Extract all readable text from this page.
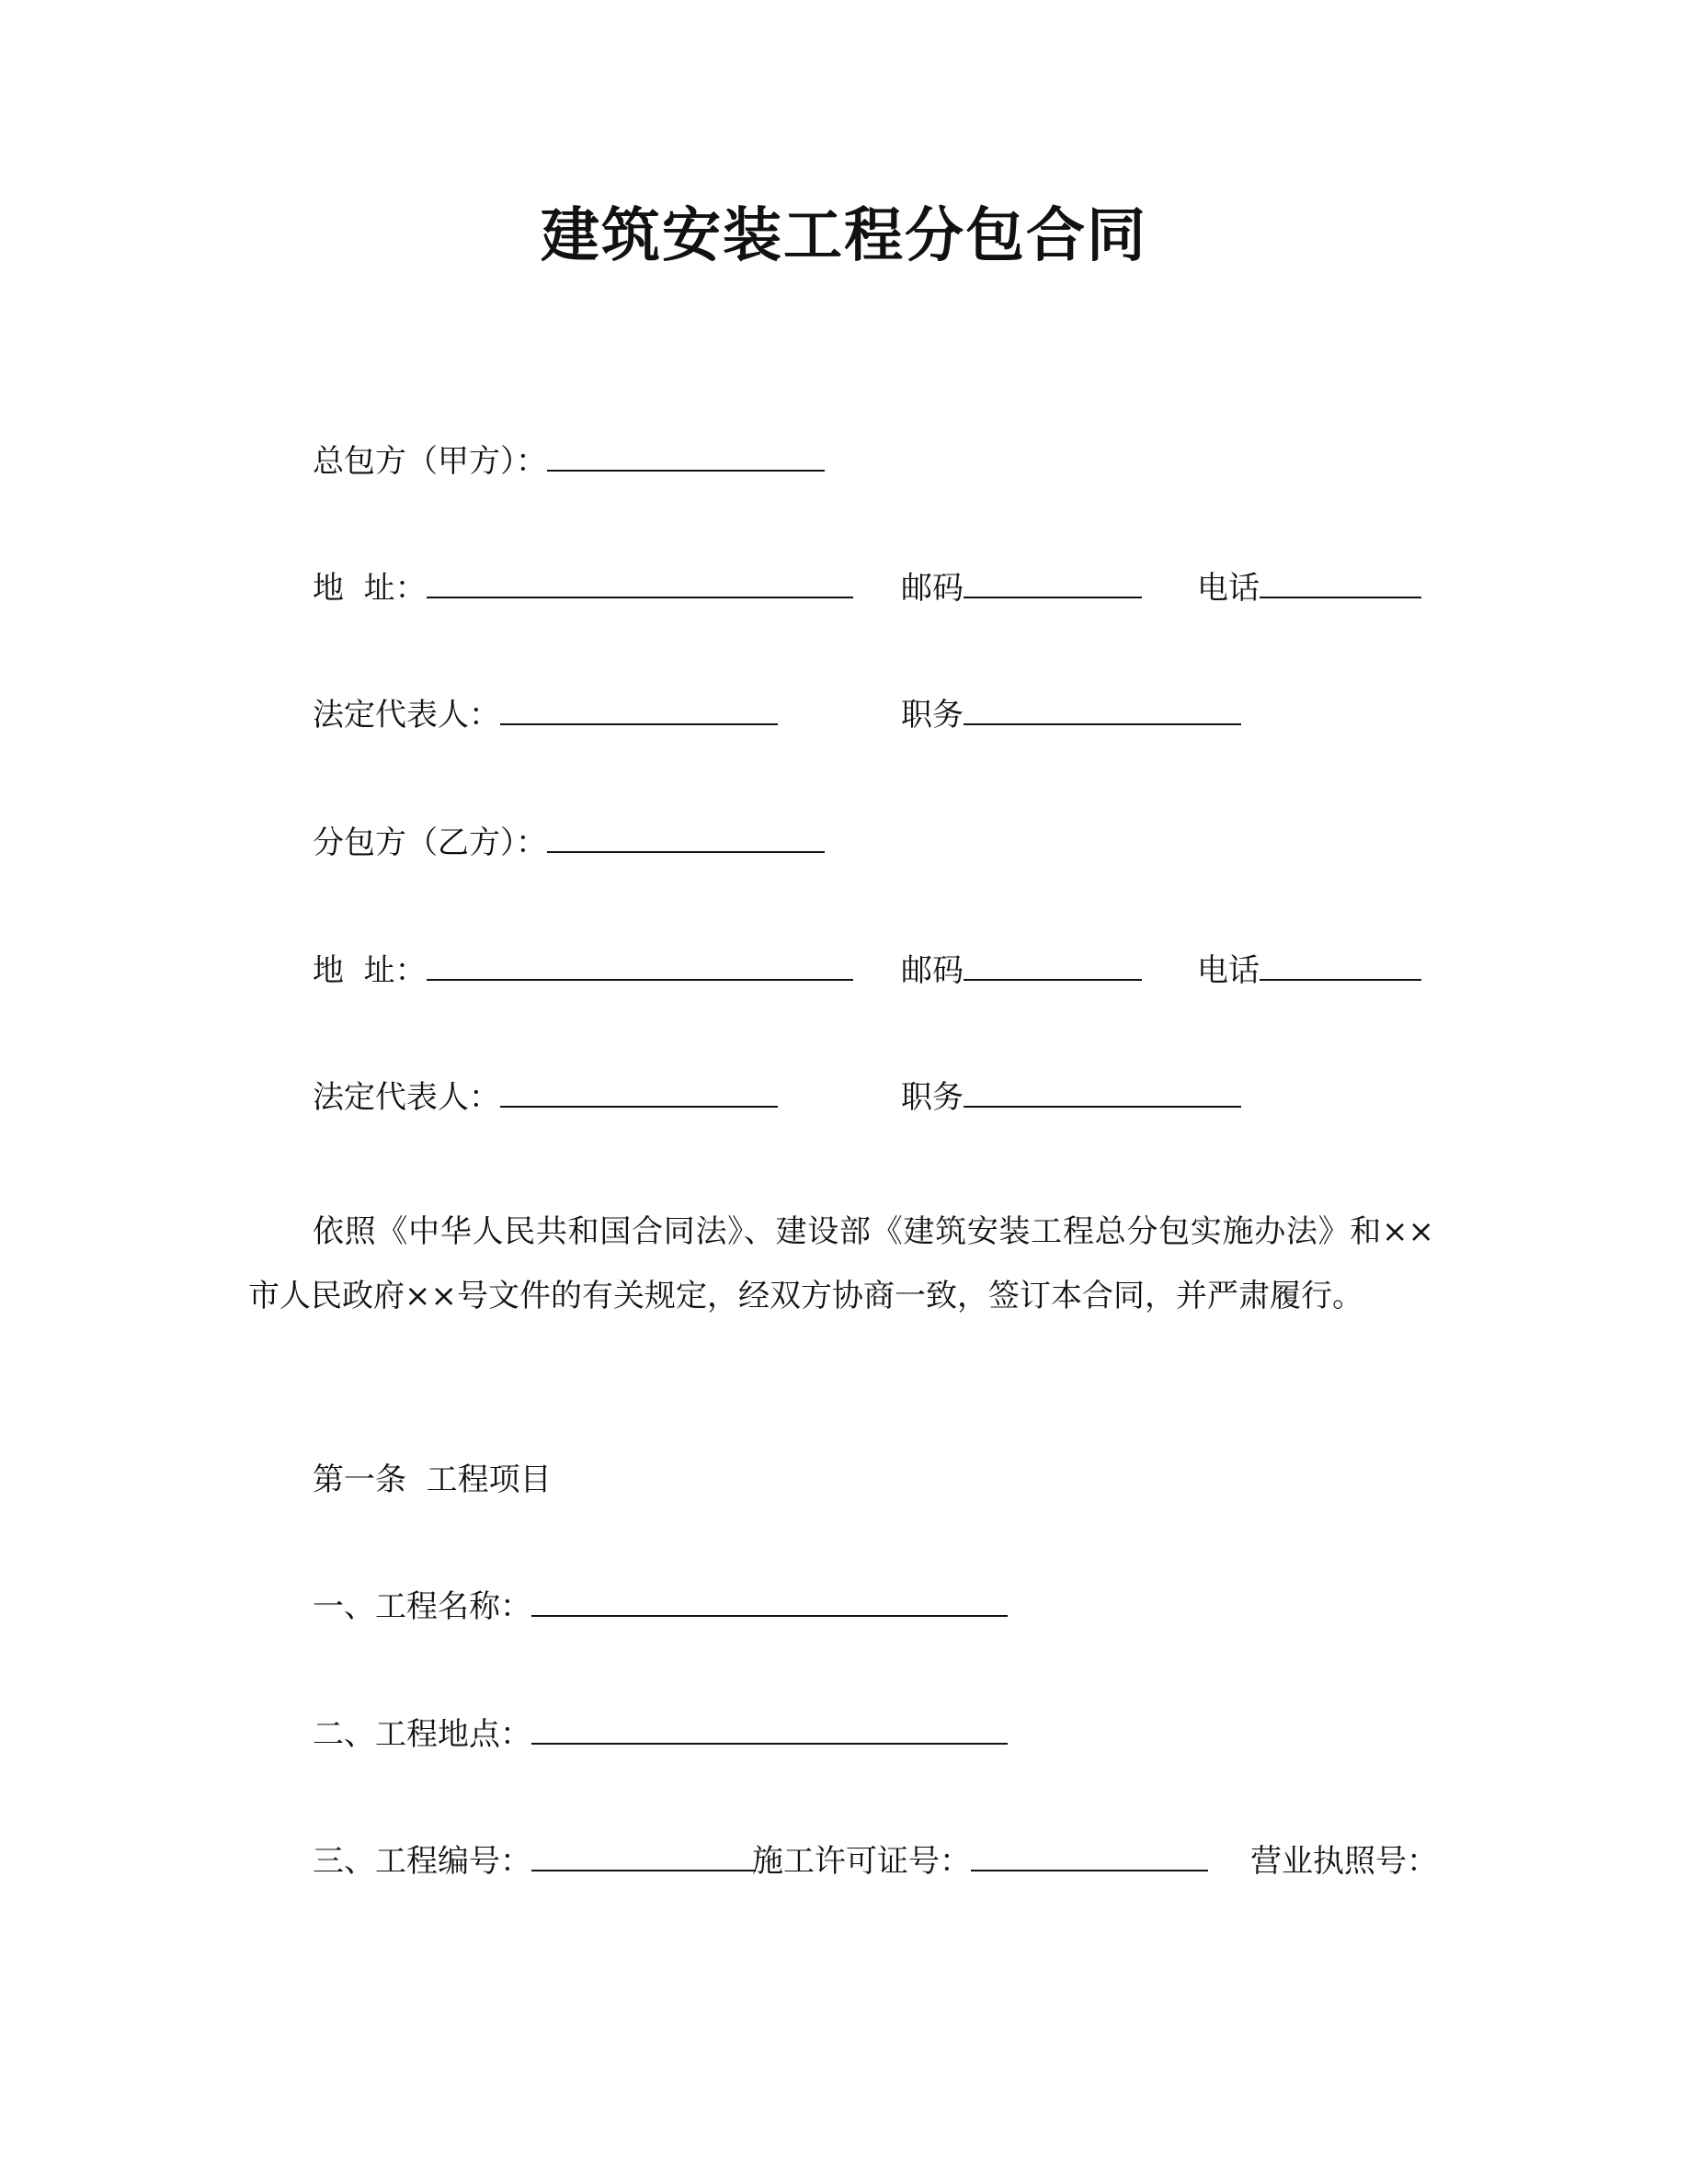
建筑安装工程分包合同
总包方（甲方）：
地  址：	邮码	电话
法定代表人：	职务
分包方（乙方）：
地  址：	邮码	电话
法定代表人：	职务
依照《中华人民共和国合同法》、建设部《建筑安装工程总分包实施办法》和××市人民政府××号文件的有关规定，经双方协商一致，签订本合同，并严肃履行。
第一条  工程项目
一、工程名称：
二、工程地点：
三、工程编号：	施工许可证号：	营业执照号：
